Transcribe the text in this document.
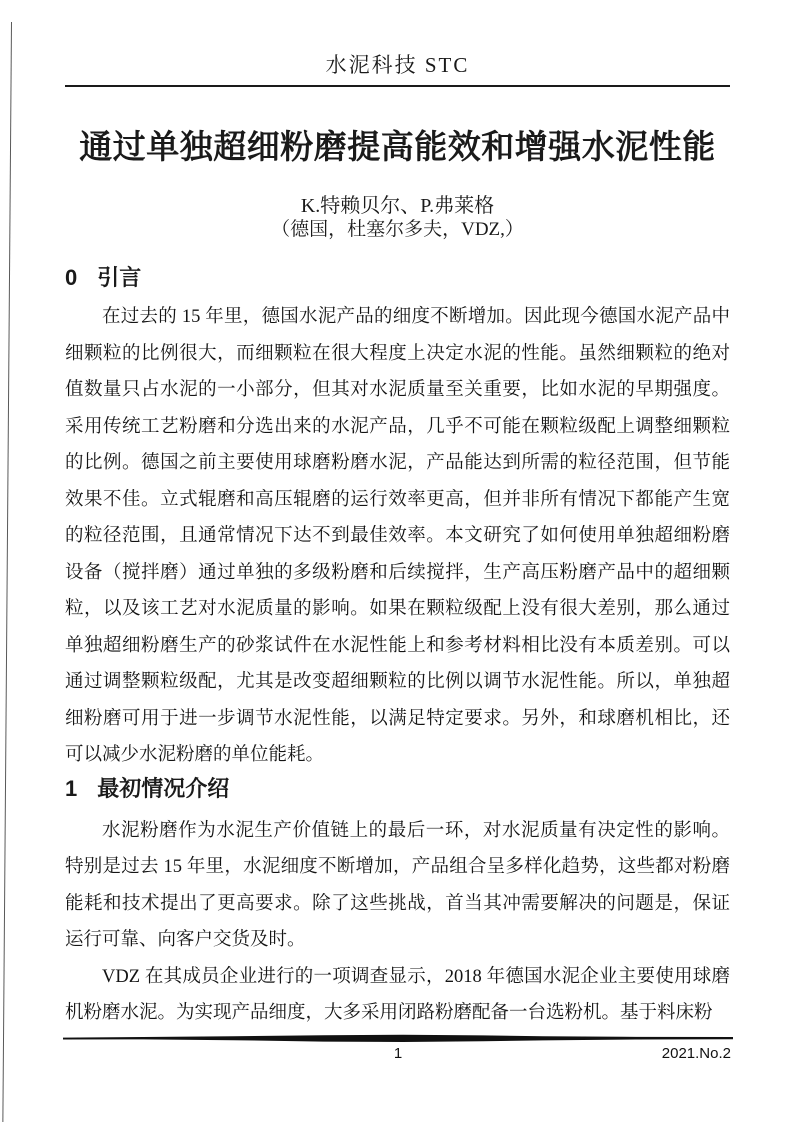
水泥科技 STC
通过单独超细粉磨提高能效和增强水泥性能
K.特赖贝尔、P.弗莱格
（德国，杜塞尔多夫，VDZ,）
0 引言

在过去的 15 年里，德国水泥产品的细度不断增加。因此现今德国水泥产品中细颗粒的比例很大，而细颗粒在很大程度上决定水泥的性能。虽然细颗粒的绝对值数量只占水泥的一小部分，但其对水泥质量至关重要，比如水泥的早期强度。采用传统工艺粉磨和分选出来的水泥产品，几乎不可能在颗粒级配上调整细颗粒的比例。德国之前主要使用球磨粉磨水泥，产品能达到所需的粒径范围，但节能效果不佳。立式辊磨和高压辊磨的运行效率更高，但并非所有情况下都能产生宽的粒径范围，且通常情况下达不到最佳效率。本文研究了如何使用单独超细粉磨设备（搅拌磨）通过单独的多级粉磨和后续搅拌，生产高压粉磨产品中的超细颗粒，以及该工艺对水泥质量的影响。如果在颗粒级配上没有很大差别，那么通过单独超细粉磨生产的砂浆试件在水泥性能上和参考材料相比没有本质差别。可以通过调整颗粒级配，尤其是改变超细颗粒的比例以调节水泥性能。所以，单独超细粉磨可用于进一步调节水泥性能，以满足特定要求。另外，和球磨机相比，还可以减少水泥粉磨的单位能耗。

1 最初情况介绍

水泥粉磨作为水泥生产价值链上的最后一环，对水泥质量有决定性的影响。特别是过去 15 年里，水泥细度不断增加，产品组合呈多样化趋势，这些都对粉磨能耗和技术提出了更高要求。除了这些挑战，首当其冲需要解决的问题是，保证运行可靠、向客户交货及时。

VDZ 在其成员企业进行的一项调查显示，2018 年德国水泥企业主要使用球磨机粉磨水泥。为实现产品细度，大多采用闭路粉磨配备一台选粉机。基于料床粉

1	2021.No.2
